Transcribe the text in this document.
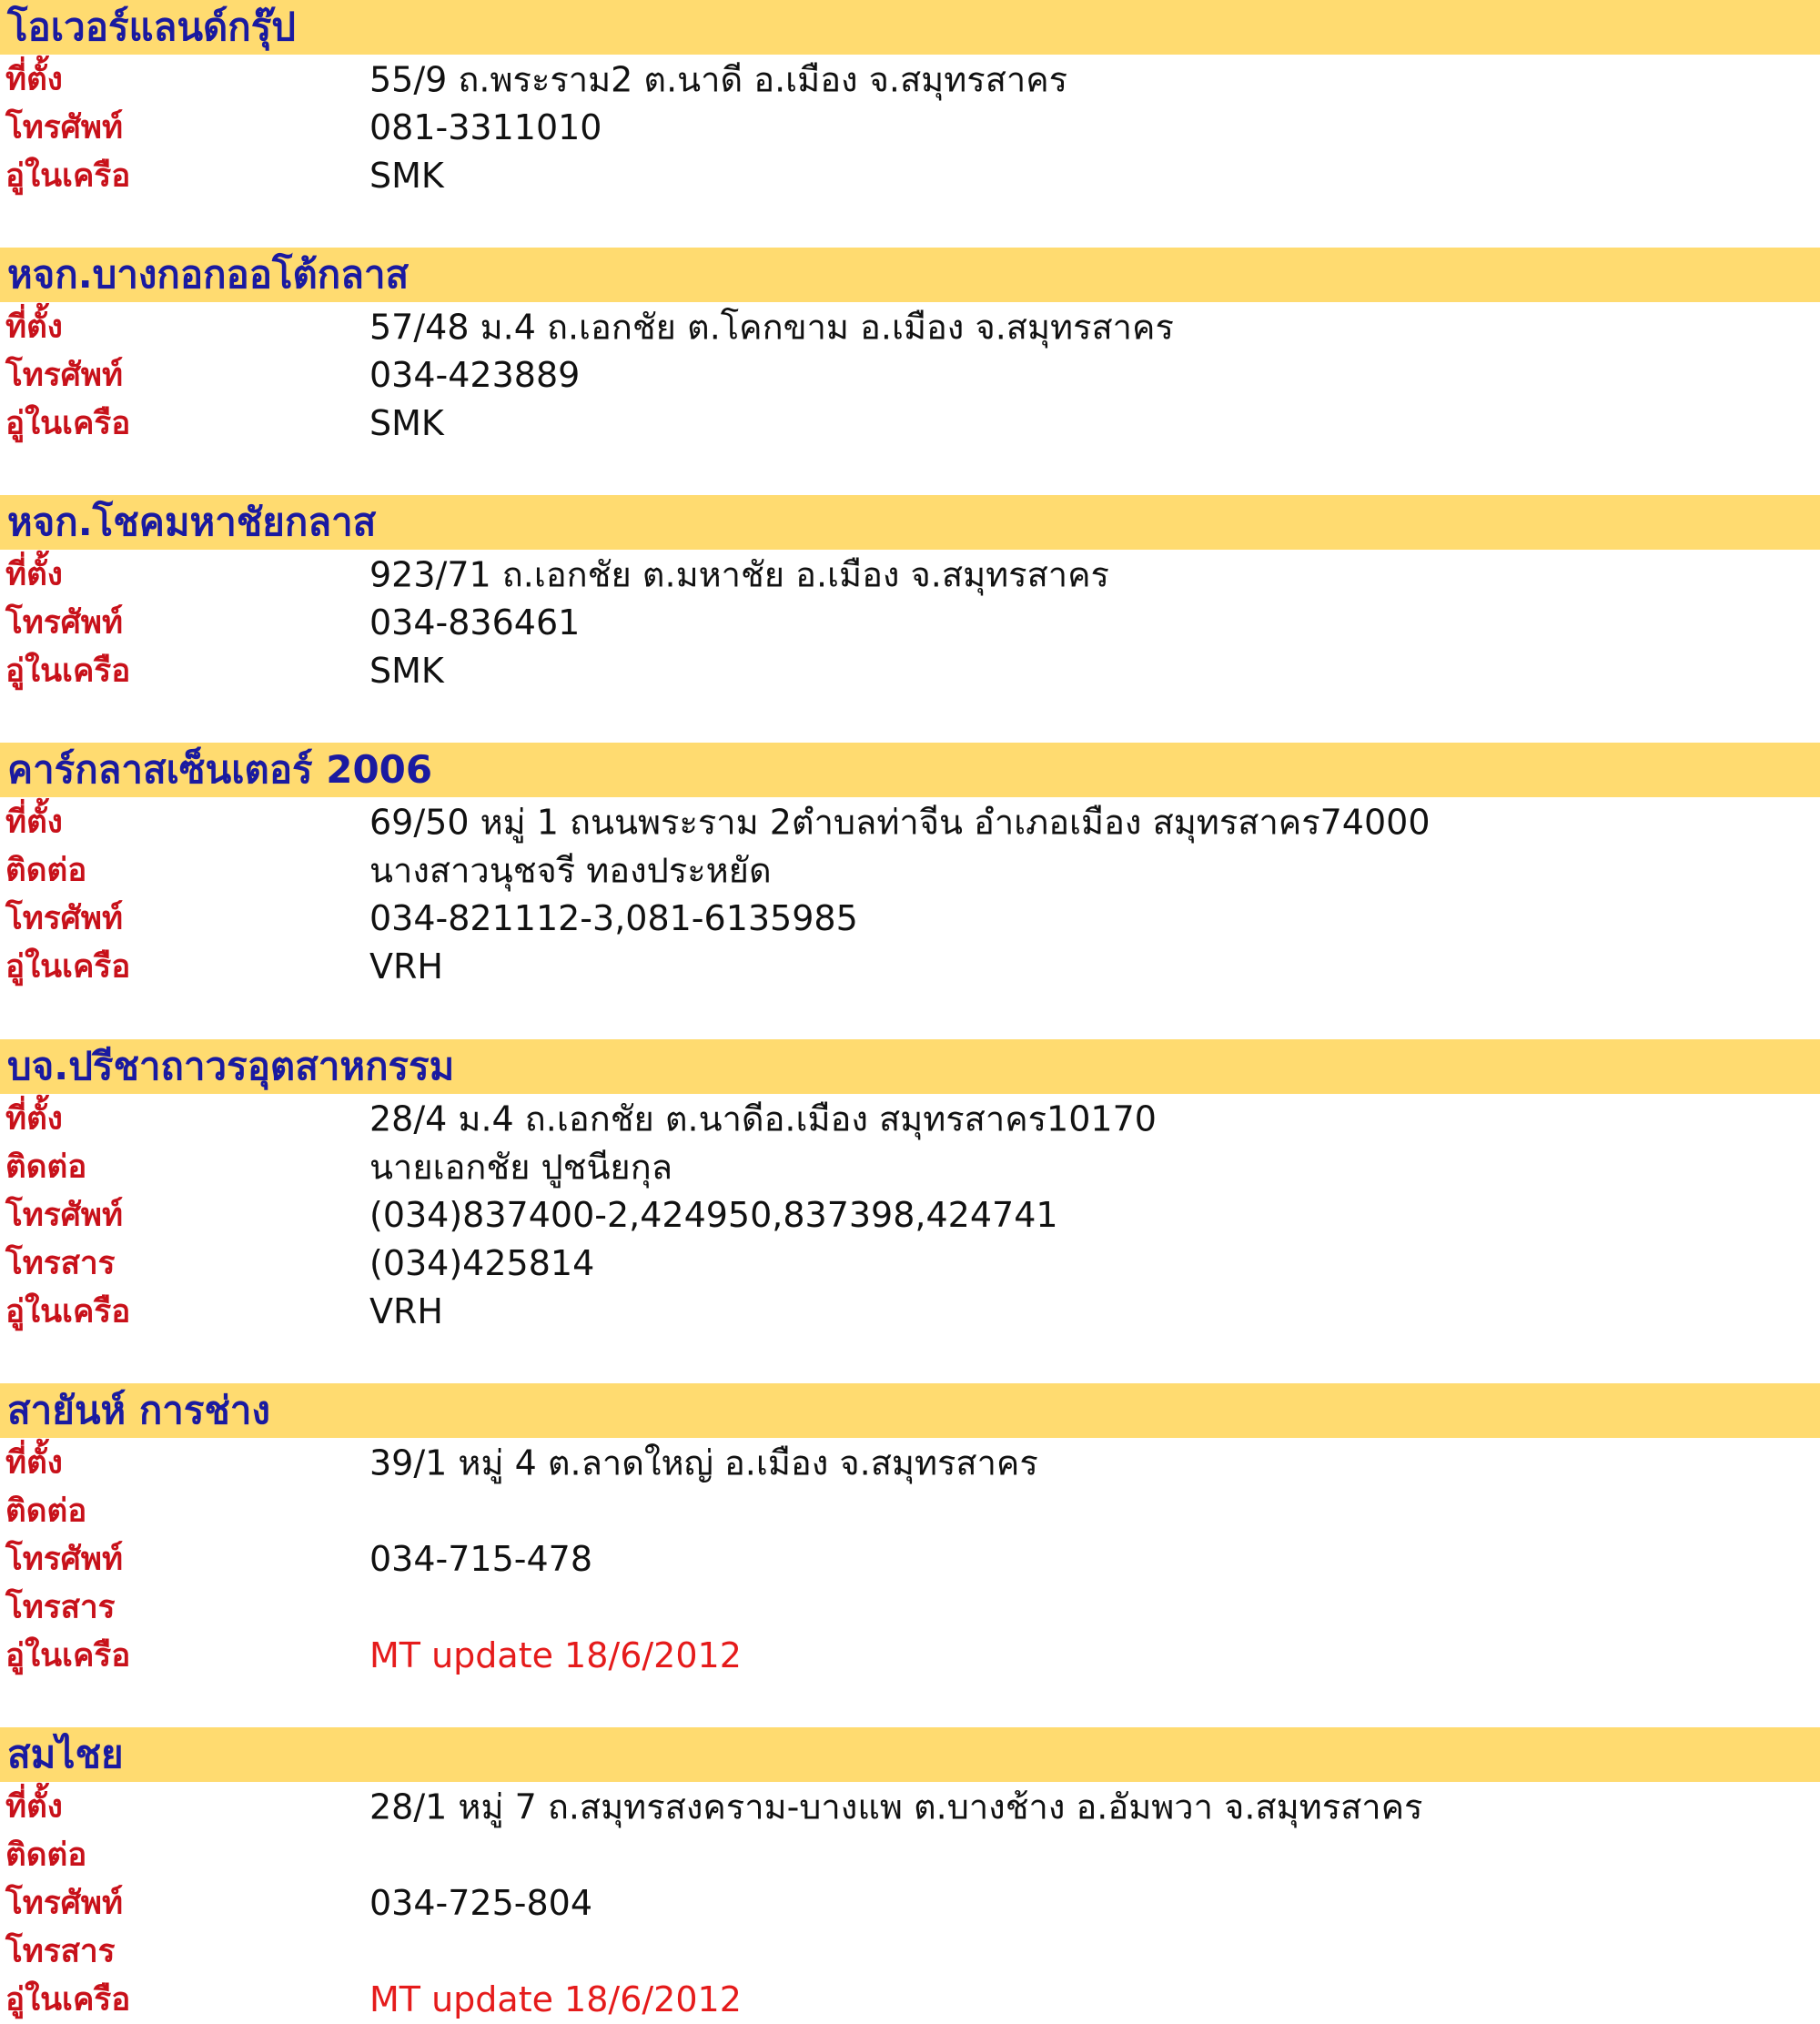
โอเวอร์แลนด์กรุ๊ป
ที่ตั้ง	55/9 ถ.พระราม2 ต.นาดี อ.เมือง จ.สมุทรสาคร
โทรศัพท์	081-3311010
อู่ในเครือ	SMK
หจก.บางกอกออโต้กลาส
ที่ตั้ง	57/48 ม.4 ถ.เอกชัย ต.โคกขาม อ.เมือง จ.สมุทรสาคร
โทรศัพท์	034-423889
อู่ในเครือ	SMK
หจก.โชคมหาชัยกลาส
ที่ตั้ง	923/71 ถ.เอกชัย ต.มหาชัย อ.เมือง จ.สมุทรสาคร
โทรศัพท์	034-836461
อู่ในเครือ	SMK
คาร์กลาสเซ็นเตอร์ 2006
ที่ตั้ง	69/50 หมู่ 1 ถนนพระราม 2ตำบลท่าจีน อำเภอเมือง สมุทรสาคร74000
ติดต่อ	นางสาวนุชจรี ทองประหยัด
โทรศัพท์	034-821112-3,081-6135985
อู่ในเครือ	VRH
บจ.ปรีชาถาวรอุตสาหกรรม
ที่ตั้ง	28/4 ม.4 ถ.เอกชัย ต.นาดีอ.เมือง สมุทรสาคร10170
ติดต่อ	นายเอกชัย ปูชนียกุล
โทรศัพท์	(034)837400-2,424950,837398,424741
โทรสาร	(034)425814
อู่ในเครือ	VRH
สายันห์ การช่าง
ที่ตั้ง	39/1 หมู่ 4 ต.ลาดใหญ่ อ.เมือง จ.สมุทรสาคร
ติดต่อ
โทรศัพท์	034-715-478
โทรสาร
อู่ในเครือ	MT update 18/6/2012
สมไชย
ที่ตั้ง	28/1 หมู่ 7 ถ.สมุทรสงคราม-บางแพ ต.บางช้าง อ.อัมพวา จ.สมุทรสาคร
ติดต่อ
โทรศัพท์	034-725-804
โทรสาร
อู่ในเครือ	MT update 18/6/2012
